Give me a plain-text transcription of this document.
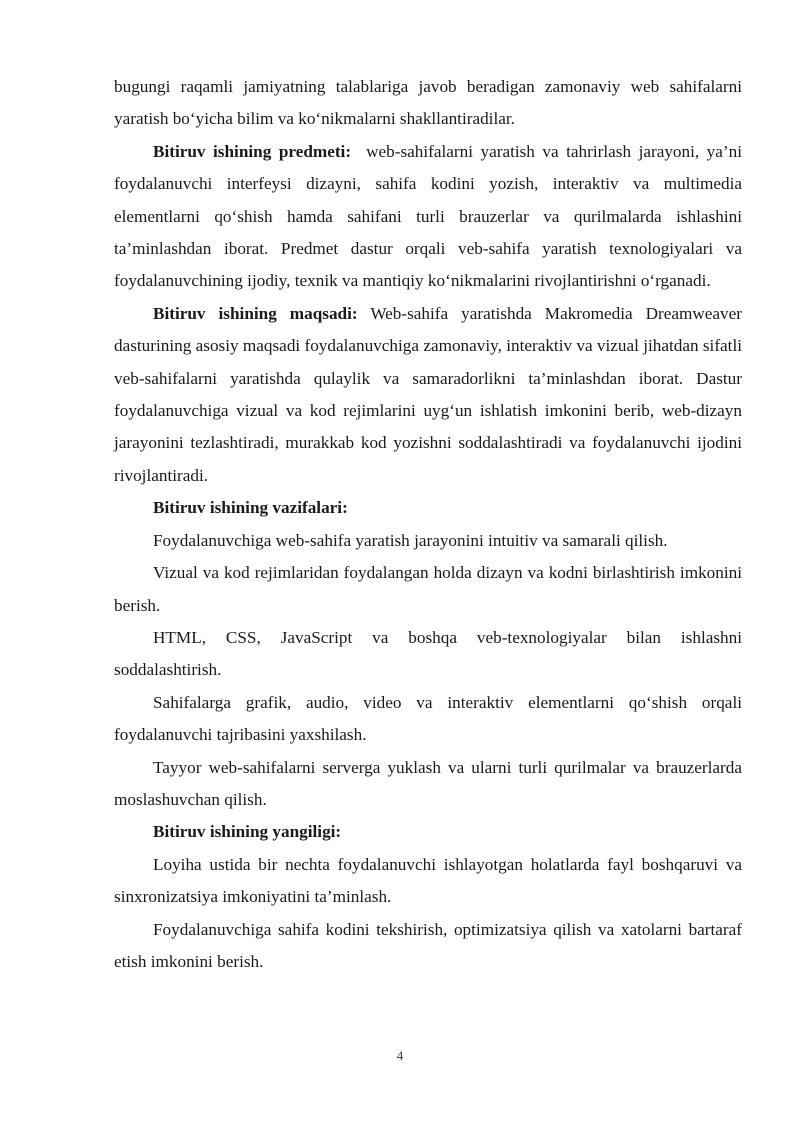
bugungi raqamli jamiyatning talablariga javob beradigan zamonaviy web sahifalarni yaratish bo‘yicha bilim va ko‘nikmalarni shakllantiradilar.

Bitiruv ishining predmeti: web-sahifalarni yaratish va tahrirlash jarayoni, ya’ni foydalanuvchi interfeysi dizayni, sahifa kodini yozish, interaktiv va multimedia elementlarni qo‘shish hamda sahifani turli brauzerlar va qurilmalarda ishlashini ta’minlashdan iborat. Predmet dastur orqali veb-sahifa yaratish texnologiyalari va foydalanuvchining ijodiy, texnik va mantiqiy ko‘nikmalarini rivojlantirishni o‘rganadi.

Bitiruv ishining maqsadi: Web-sahifa yaratishda Makromedia Dreamweaver dasturining asosiy maqsadi foydalanuvchiga zamonaviy, interaktiv va vizual jihatdan sifatli veb-sahifalarni yaratishda qulaylik va samaradorlikni ta’minlashdan iborat. Dastur foydalanuvchiga vizual va kod rejimlarini uyg‘un ishlatish imkonini berib, web-dizayn jarayonini tezlashtiradi, murakkab kod yozishni soddalashtiradi va foydalanuvchi ijodini rivojlantiradi.

Bitiruv ishining vazifalari:

Foydalanuvchiga web-sahifa yaratish jarayonini intuitiv va samarali qilish.

Vizual va kod rejimlaridan foydalangan holda dizayn va kodni birlashtirish imkonini berish.

HTML, CSS, JavaScript va boshqa veb-texnologiyalar bilan ishlashni soddalashtirish.

Sahifalarga grafik, audio, video va interaktiv elementlarni qo‘shish orqali foydalanuvchi tajribasini yaxshilash.

Tayyor web-sahifalarni serverga yuklash va ularni turli qurilmalar va brauzerlarda moslashuvchan qilish.

Bitiruv ishining yangiligi:

Loyiha ustida bir nechta foydalanuvchi ishlayotgan holatlarda fayl boshqaruvi va sinxronizatsiya imkoniyatini ta’minlash.

Foydalanuvchiga sahifa kodini tekshirish, optimizatsiya qilish va xatolarni bartaraf etish imkonini berish.

4
